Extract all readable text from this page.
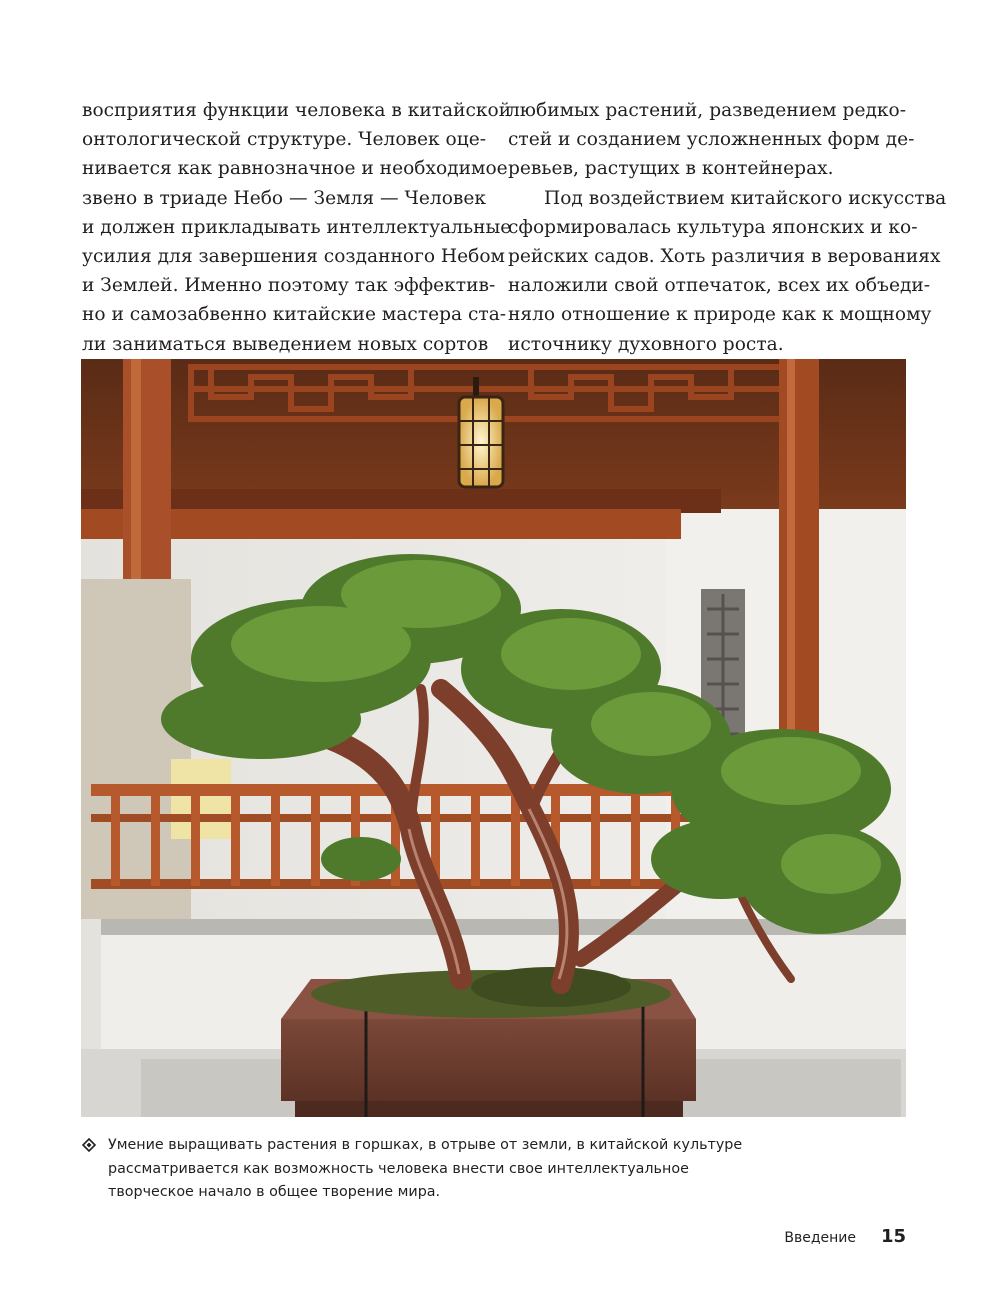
восприятия функции человека в китайской
онтологической структуре. Человек оце-
нивается как равнозначное и необходимое
звено в триаде Небо — Земля — Человек
и должен прикладывать интеллектуальные
усилия для завершения созданного Небом
и Землей. Именно поэтому так эффектив-
но и самозабвенно китайские мастера ста-
ли заниматься выведением новых сортов

любимых растений, разведением редко-
стей и созданием усложненных форм де-
ревьев, растущих в контейнерах.

Под воздействием китайского искусства
сформировалась культура японских и ко-
рейских садов. Хоть различия в верованиях
наложили свой отпечаток, всех их объеди-
няло отношение к природе как к мощному
источнику духовного роста.

Умение выращивать растения в горшках, в отрыве от земли, в китайской культуре
рассматривается как возможность человека внести свое интеллектуальное
творческое начало в общее творение мира.
Введение 15
